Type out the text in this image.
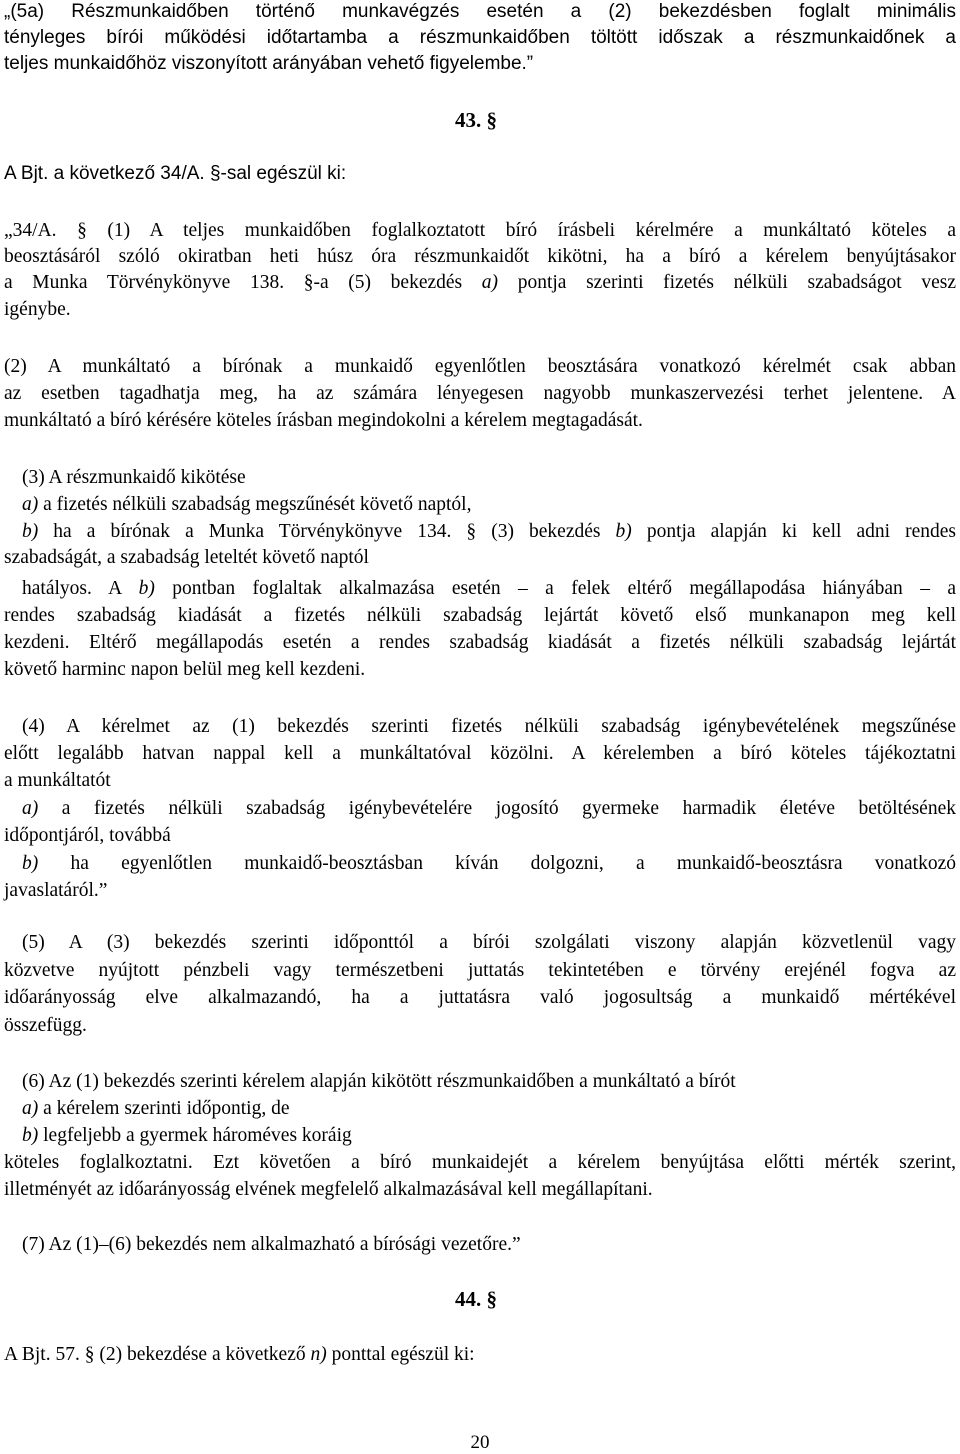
„(5a) Részmunkaidőben történő munkavégzés esetén a (2) bekezdésben foglalt minimális
tényleges bírói működési időtartamba a részmunkaidőben töltött időszak a részmunkaidőnek a
teljes munkaidőhöz viszonyított arányában vehető figyelembe.”
43. §
A Bjt. a következő 34/A. §-sal egészül ki:
„34/A. § (1) A teljes munkaidőben foglalkoztatott bíró írásbeli kérelmére a munkáltató köteles a
beosztásáról szóló okiratban heti húsz óra részmunkaidőt kikötni, ha a bíró a kérelem benyújtásakor
a Munka Törvénykönyve 138. §-a (5) bekezdés a) pontja szerinti fizetés nélküli szabadságot vesz
igénybe.
(2) A munkáltató a bírónak a munkaidő egyenlőtlen beosztására vonatkozó kérelmét csak abban
az esetben tagadhatja meg, ha az számára lényegesen nagyobb munkaszervezési terhet jelentene. A
munkáltató a bíró kérésére köteles írásban megindokolni a kérelem megtagadását.
(3) A részmunkaidő kikötése
a) a fizetés nélküli szabadság megszűnését követő naptól,
b) ha a bírónak a Munka Törvénykönyve 134. § (3) bekezdés b) pontja alapján ki kell adni rendes
szabadságát, a szabadság leteltét követő naptól
hatályos. A b) pontban foglaltak alkalmazása esetén – a felek eltérő megállapodása hiányában – a
rendes szabadság kiadását a fizetés nélküli szabadság lejártát követő első munkanapon meg kell
kezdeni. Eltérő megállapodás esetén a rendes szabadság kiadását a fizetés nélküli szabadság lejártát
követő harminc napon belül meg kell kezdeni.
(4) A kérelmet az (1) bekezdés szerinti fizetés nélküli szabadság igénybevételének megszűnése
előtt legalább hatvan nappal kell a munkáltatóval közölni. A kérelemben a bíró köteles tájékoztatni
a munkáltatót
a) a fizetés nélküli szabadság igénybevételére jogosító gyermeke harmadik életéve betöltésének
időpontjáról, továbbá
b) ha egyenlőtlen munkaidő-beosztásban kíván dolgozni, a munkaidő-beosztásra vonatkozó
javaslatáról.”
(5) A (3) bekezdés szerinti időponttól a bírói szolgálati viszony alapján közvetlenül vagy
közvetve nyújtott pénzbeli vagy természetbeni juttatás tekintetében e törvény erejénél fogva az
időarányosság elve alkalmazandó, ha a juttatásra való jogosultság a munkaidő mértékével
összefügg.
(6) Az (1) bekezdés szerinti kérelem alapján kikötött részmunkaidőben a munkáltató a bírót
a) a kérelem szerinti időpontig, de
b) legfeljebb a gyermek hároméves koráig
köteles foglalkoztatni. Ezt követően a bíró munkaidejét a kérelem benyújtása előtti mérték szerint,
illetményét az időarányosság elvének megfelelő alkalmazásával kell megállapítani.
(7) Az (1)–(6) bekezdés nem alkalmazható a bírósági vezetőre.”
44. §
A Bjt. 57. § (2) bekezdése a következő n) ponttal egészül ki:
20
